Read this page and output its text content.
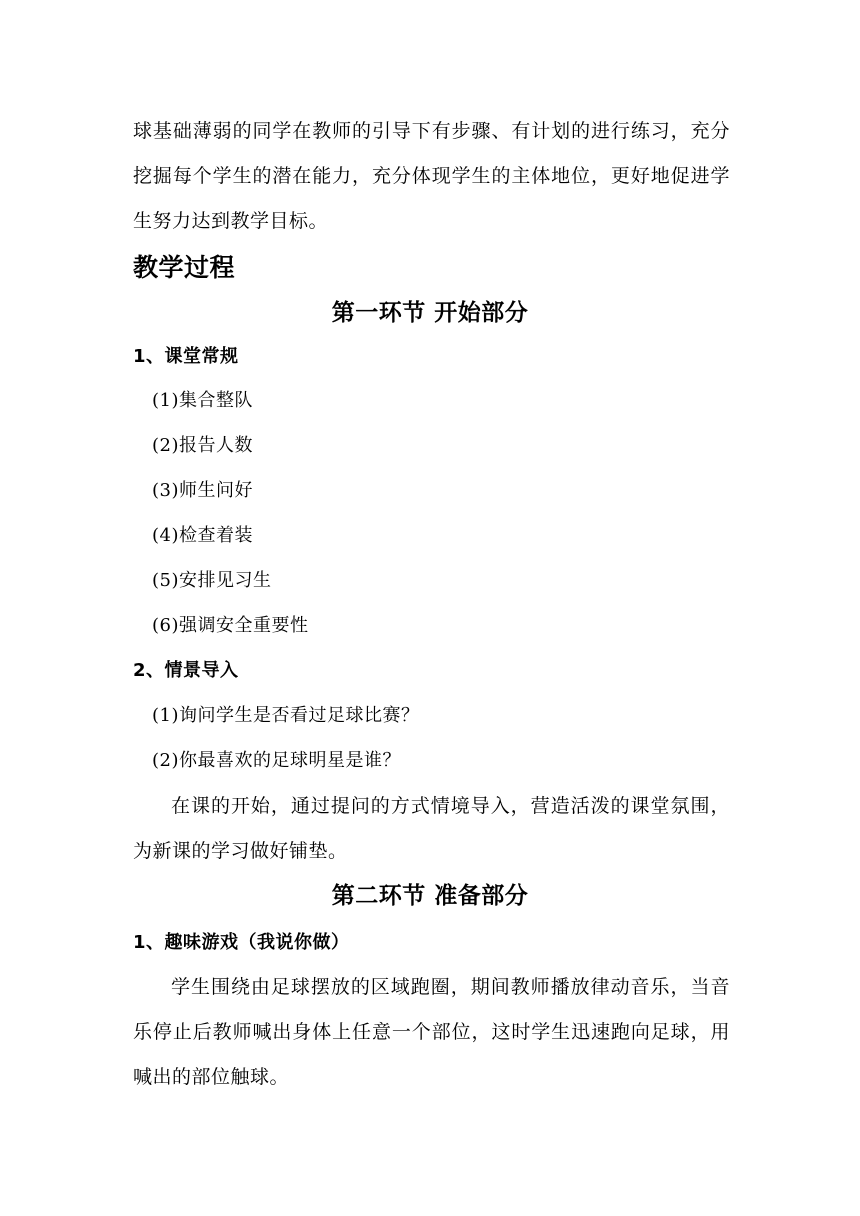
球基础薄弱的同学在教师的引导下有步骤、有计划的进行练习，充分
挖掘每个学生的潜在能力，充分体现学生的主体地位，更好地促进学
生努力达到教学目标。
教学过程
第一环节 开始部分
1、课堂常规
(1)集合整队
(2)报告人数
(3)师生问好
(4)检查着装
(5)安排见习生
(6)强调安全重要性
2、情景导入
(1)询问学生是否看过足球比赛？
(2)你最喜欢的足球明星是谁？
在课的开始，通过提问的方式情境导入，营造活泼的课堂氛围，
为新课的学习做好铺垫。
第二环节 准备部分
1、趣味游戏（我说你做）
学生围绕由足球摆放的区域跑圈，期间教师播放律动音乐，当音
乐停止后教师喊出身体上任意一个部位，这时学生迅速跑向足球，用
喊出的部位触球。
